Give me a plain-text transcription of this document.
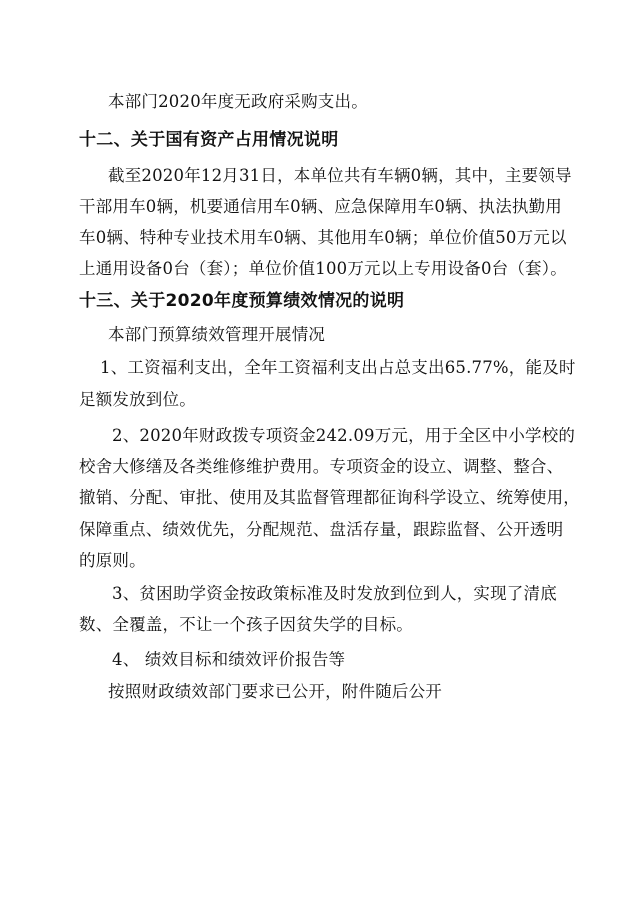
本部门2020年度无政府采购支出。
十二、关于国有资产占用情况说明
截至2020年12月31日，本单位共有车辆0辆，其中，主要领导
干部用车0辆，机要通信用车0辆、应急保障用车0辆、执法执勤用
车0辆、特种专业技术用车0辆、其他用车0辆；单位价值50万元以
上通用设备0台（套）；单位价值100万元以上专用设备0台（套）。
十三、关于2020年度预算绩效情况的说明
本部门预算绩效管理开展情况
1、工资福利支出，全年工资福利支出占总支出65.77%，能及时
足额发放到位。
2、2020年财政拨专项资金242.09万元，用于全区中小学校的
校舍大修缮及各类维修维护费用。专项资金的设立、调整、整合、
撤销、分配、审批、使用及其监督管理都征询科学设立、统筹使用，
保障重点、绩效优先，分配规范、盘活存量，跟踪监督、公开透明
的原则。
3、贫困助学资金按政策标准及时发放到位到人，实现了清底
数、全覆盖，不让一个孩子因贫失学的目标。
4、 绩效目标和绩效评价报告等
按照财政绩效部门要求已公开，附件随后公开
